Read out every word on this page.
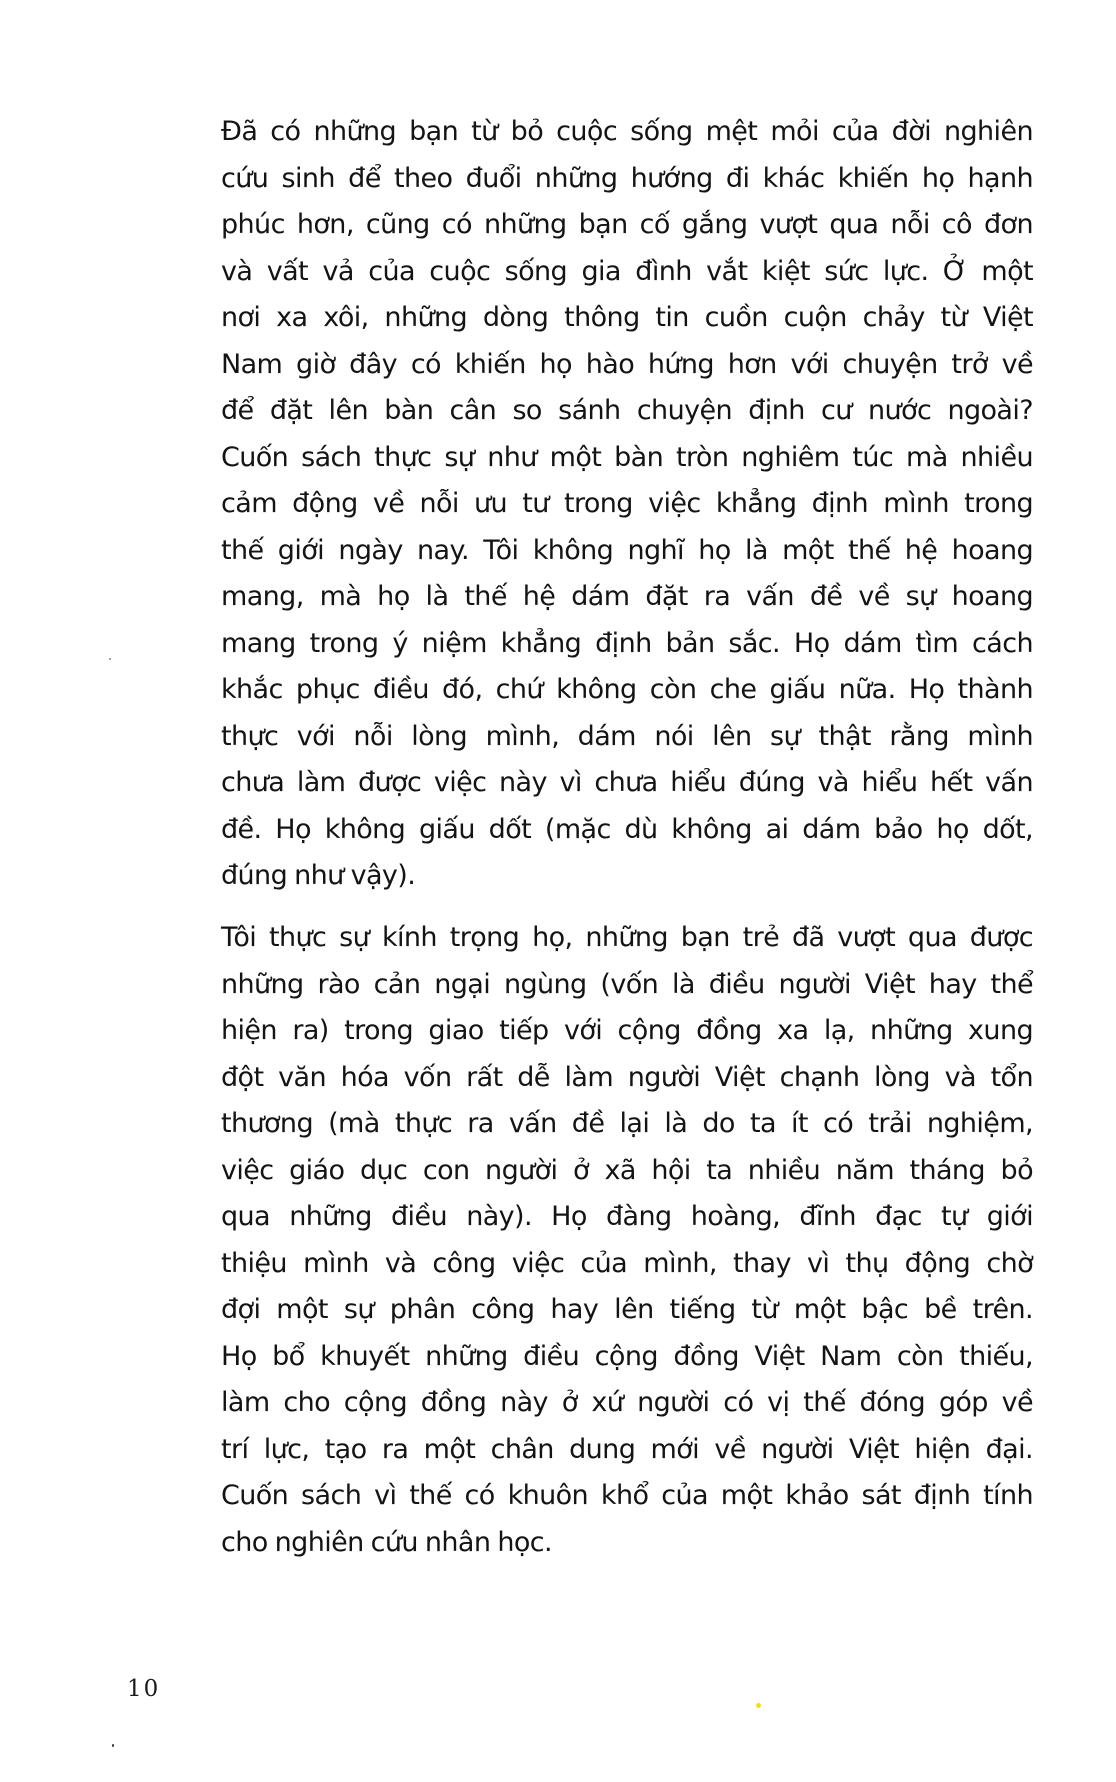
Đã có những bạn từ bỏ cuộc sống mệt mỏi của đời nghiên
cứu sinh để theo đuổi những hướng đi khác khiến họ hạnh
phúc hơn, cũng có những bạn cố gắng vượt qua nỗi cô đơn
và vất vả của cuộc sống gia đình vắt kiệt sức lực. Ở một
nơi xa xôi, những dòng thông tin cuồn cuộn chảy từ Việt
Nam giờ đây có khiến họ hào hứng hơn với chuyện trở về
để đặt lên bàn cân so sánh chuyện định cư nước ngoài?
Cuốn sách thực sự như một bàn tròn nghiêm túc mà nhiều
cảm động về nỗi ưu tư trong việc khẳng định mình trong
thế giới ngày nay. Tôi không nghĩ họ là một thế hệ hoang
mang, mà họ là thế hệ dám đặt ra vấn đề về sự hoang
mang trong ý niệm khẳng định bản sắc. Họ dám tìm cách
khắc phục điều đó, chứ không còn che giấu nữa. Họ thành
thực với nỗi lòng mình, dám nói lên sự thật rằng mình
chưa làm được việc này vì chưa hiểu đúng và hiểu hết vấn
đề. Họ không giấu dốt (mặc dù không ai dám bảo họ dốt,
đúng như vậy).

Tôi thực sự kính trọng họ, những bạn trẻ đã vượt qua được
những rào cản ngại ngùng (vốn là điều người Việt hay thể
hiện ra) trong giao tiếp với cộng đồng xa lạ, những xung
đột văn hóa vốn rất dễ làm người Việt chạnh lòng và tổn
thương (mà thực ra vấn đề lại là do ta ít có trải nghiệm,
việc giáo dục con người ở xã hội ta nhiều năm tháng bỏ
qua những điều này). Họ đàng hoàng, đĩnh đạc tự giới
thiệu mình và công việc của mình, thay vì thụ động chờ
đợi một sự phân công hay lên tiếng từ một bậc bề trên.
Họ bổ khuyết những điều cộng đồng Việt Nam còn thiếu,
làm cho cộng đồng này ở xứ người có vị thế đóng góp về
trí lực, tạo ra một chân dung mới về người Việt hiện đại.
Cuốn sách vì thế có khuôn khổ của một khảo sát định tính
cho nghiên cứu nhân học.

10
